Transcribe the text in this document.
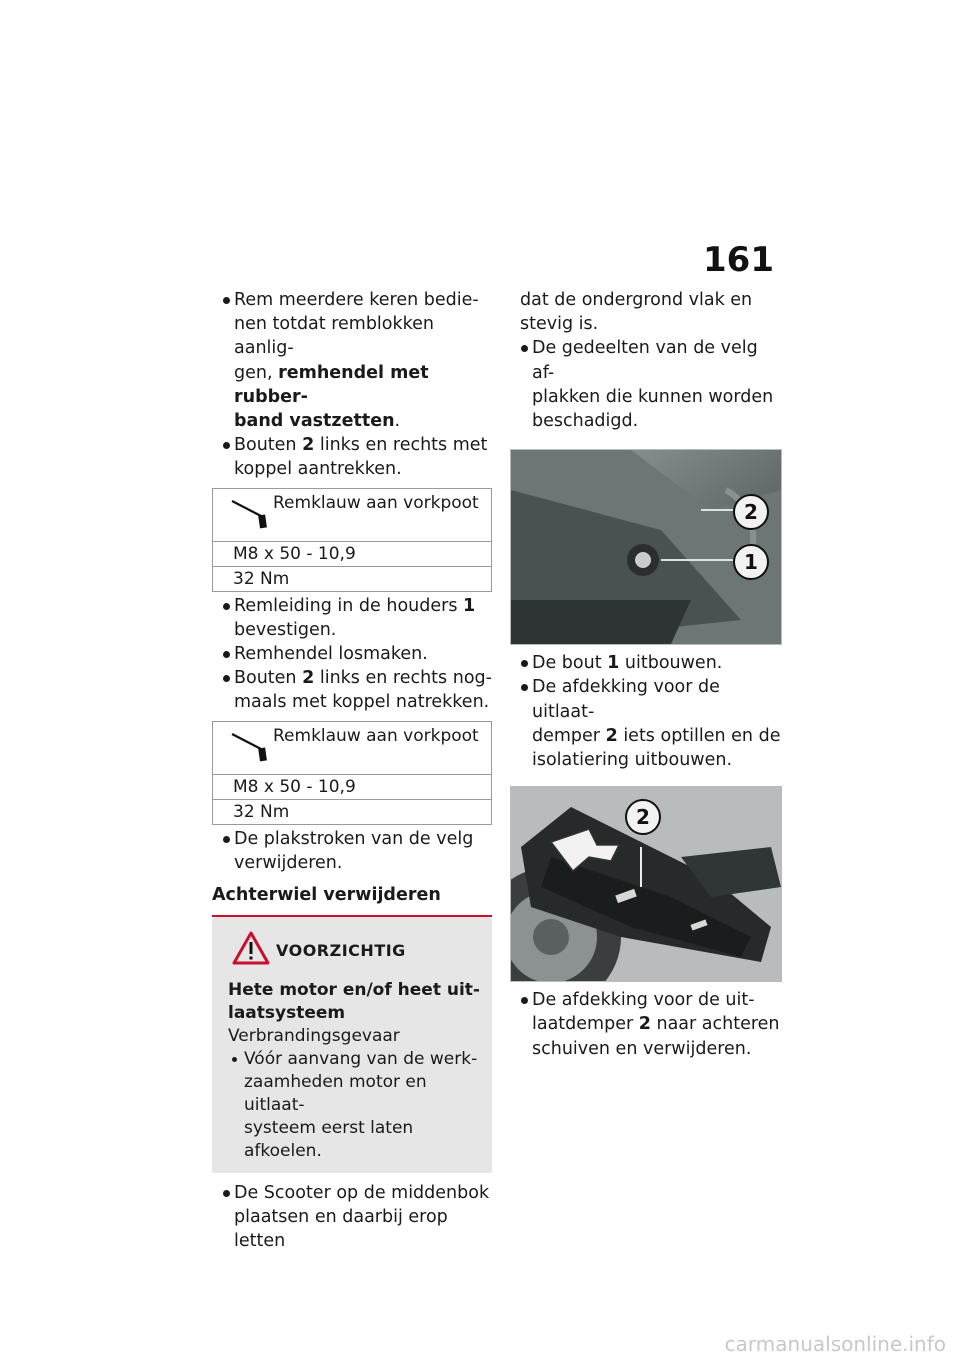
161

Rem meerdere keren bedie-
nen totdat remblokken aanlig-
gen, remhendel met rubber-
band vastzetten.

Bouten 2 links en rechts met
koppel aantrekken.

Remklauw aan vorkpoot
M8 x 50 - 10,9
32 Nm

Remleiding in de houders 1
bevestigen.

Remhendel losmaken.

Bouten 2 links en rechts nog-
maals met koppel natrekken.

Remklauw aan vorkpoot
M8 x 50 - 10,9
32 Nm

De plakstroken van de velg
verwijderen.

Achterwiel verwijderen
VOORZICHTIG
Hete motor en/of heet uit-
laatsysteem
Verbrandingsgevaar
Vóór aanvang van de werk-
zaamheden motor en uitlaat-
systeem eerst laten afkoelen.

De Scooter op de middenbok
plaatsen en daarbij erop letten

dat de ondergrond vlak en
stevig is.

De gedeelten van de velg af-
plakken die kunnen worden
beschadigd.

2
1

De bout 1 uitbouwen.

De afdekking voor de uitlaat-
demper 2 iets optillen en de
isolatiering uitbouwen.

2

De afdekking voor de uit-
laatdemper 2 naar achteren
schuiven en verwijderen.

carmanualsonline.info
